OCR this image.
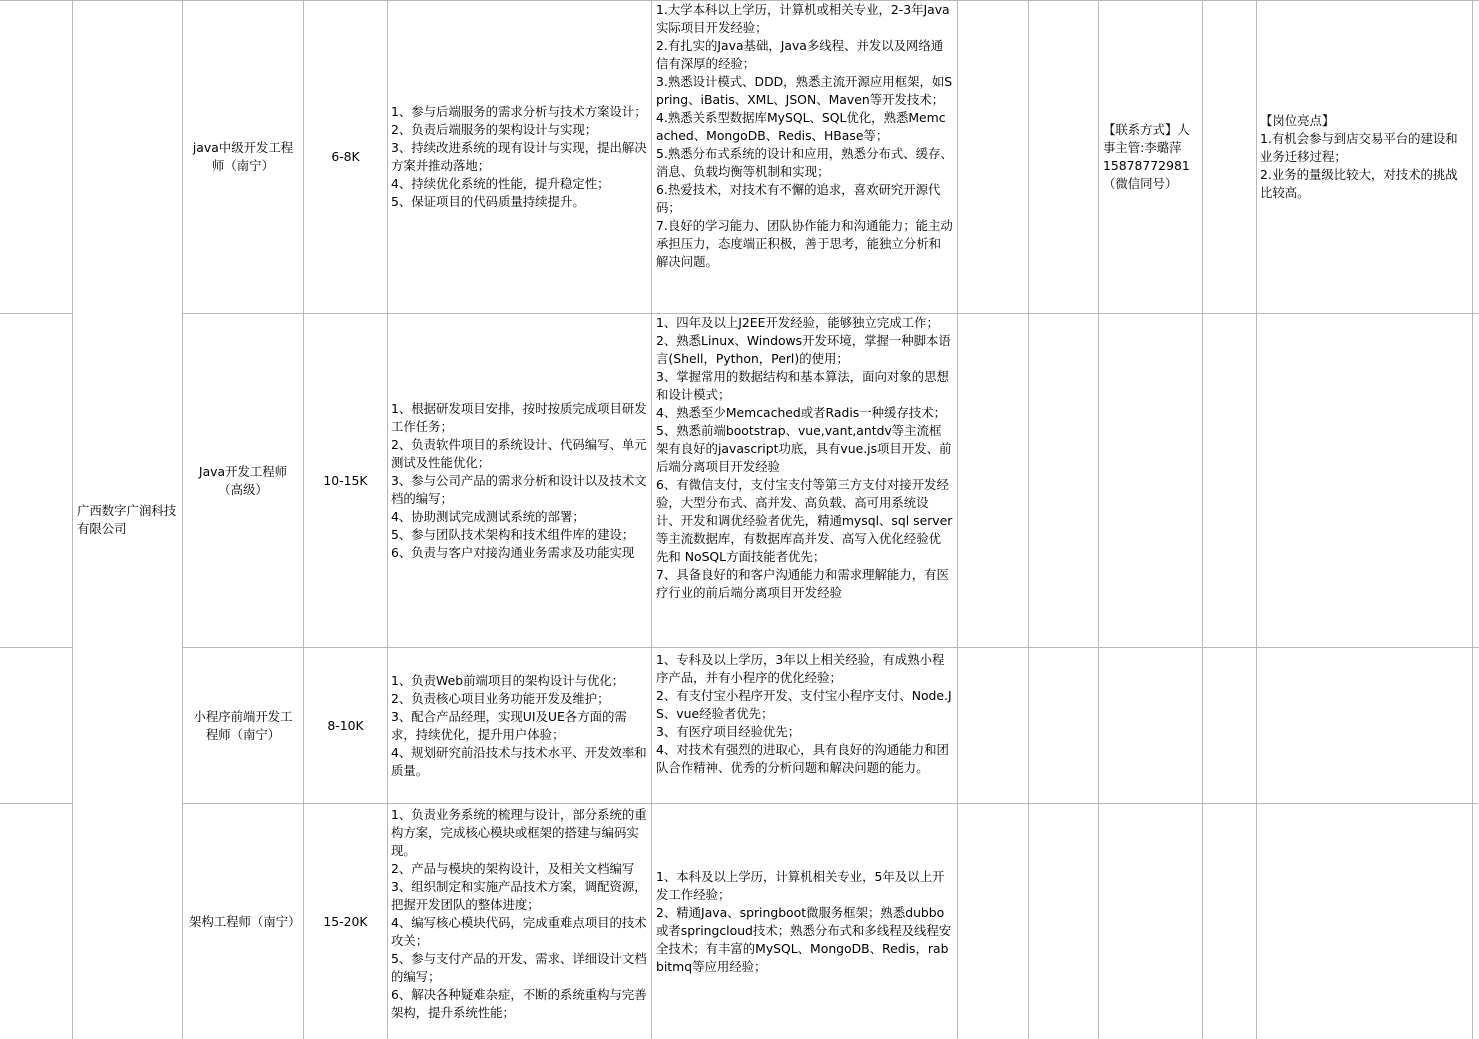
广西数字广润科技有限公司
java中级开发工程师（南宁）
6-8K
1、参与后端服务的需求分析与技术方案设计；
2、负责后端服务的架构设计与实现；
3、持续改进系统的现有设计与实现，提出解决方案并推动落地；
4、持续优化系统的性能，提升稳定性；
5、保证项目的代码质量持续提升。
1.大学本科以上学历，计算机或相关专业，2-3年Java实际项目开发经验；
2.有扎实的Java基础，Java多线程、并发以及网络通信有深厚的经验；
3.熟悉设计模式、DDD，熟悉主流开源应用框架，如Spring、iBatis、XML、JSON、Maven等开发技术；
4.熟悉关系型数据库MySQL、SQL优化，熟悉Memcached、MongoDB、Redis、HBase等；
5.熟悉分布式系统的设计和应用，熟悉分布式、缓存、消息、负载均衡等机制和实现；
6.热爱技术，对技术有不懈的追求，喜欢研究开源代码；
7.良好的学习能力、团队协作能力和沟通能力；能主动承担压力，态度端正积极，善于思考，能独立分析和解决问题。
【联系方式】人事主管:李璐萍
15878772981
（微信同号）
【岗位亮点】
1.有机会参与到店交易平台的建设和业务迁移过程；
2.业务的量级比较大，对技术的挑战比较高。
Java开发工程师（高级）
10-15K
1、根据研发项目安排，按时按质完成项目研发工作任务；
2、负责软件项目的系统设计、代码编写、单元测试及性能优化；
3、参与公司产品的需求分析和设计以及技术文档的编写；
4、协助测试完成测试系统的部署；
5、参与团队技术架构和技术组件库的建设；
6、负责与客户对接沟通业务需求及功能实现
1、四年及以上J2EE开发经验，能够独立完成工作；
2、熟悉Linux、Windows开发环境，掌握一种脚本语言(Shell，Python，Perl)的使用；
3、掌握常用的数据结构和基本算法，面向对象的思想和设计模式；
4、熟悉至少Memcached或者Radis一种缓存技术；
5、熟悉前端bootstrap、vue,vant,antdv等主流框架有良好的javascript功底，具有vue.js项目开发、前后端分离项目开发经验
6、有微信支付，支付宝支付等第三方支付对接开发经验，大型分布式、高并发、高负载、高可用系统设计、开发和调优经验者优先，精通mysql、sql server等主流数据库，有数据库高并发、高写入优化经验优先和 NoSQL方面技能者优先；
7、具备良好的和客户沟通能力和需求理解能力，有医疗行业的前后端分离项目开发经验
小程序前端开发工程师（南宁）
8-10K
1、负责Web前端项目的架构设计与优化；
2、负责核心项目业务功能开发及维护；
3、配合产品经理，实现UI及UE各方面的需求，持续优化，提升用户体验；
4、规划研究前沿技术与技术水平、开发效率和质量。
1、专科及以上学历，3年以上相关经验，有成熟小程序产品，并有小程序的优化经验；
2、有支付宝小程序开发、支付宝小程序支付、Node.JS、vue经验者优先；
3、有医疗项目经验优先；
4、对技术有强烈的进取心，具有良好的沟通能力和团队合作精神、优秀的分析问题和解决问题的能力。
架构工程师（南宁）	15-20K
1、负责业务系统的梳理与设计，部分系统的重构方案，完成核心模块或框架的搭建与编码实现。
2、产品与模块的架构设计，及相关文档编写
3、组织制定和实施产品技术方案，调配资源，把握开发团队的整体进度；
4、编写核心模块代码，完成重难点项目的技术攻关；
5、参与支付产品的开发、需求、详细设计文档的编写；
6、解决各种疑难杂症，不断的系统重构与完善架构，提升系统性能；
1、本科及以上学历，计算机相关专业，5年及以上开发工作经验；
2、精通Java、springboot微服务框架；熟悉dubbo或者springcloud技术；熟悉分布式和多线程及线程安全技术；有丰富的MySQL、MongoDB、Redis，rabbitmq等应用经验；
